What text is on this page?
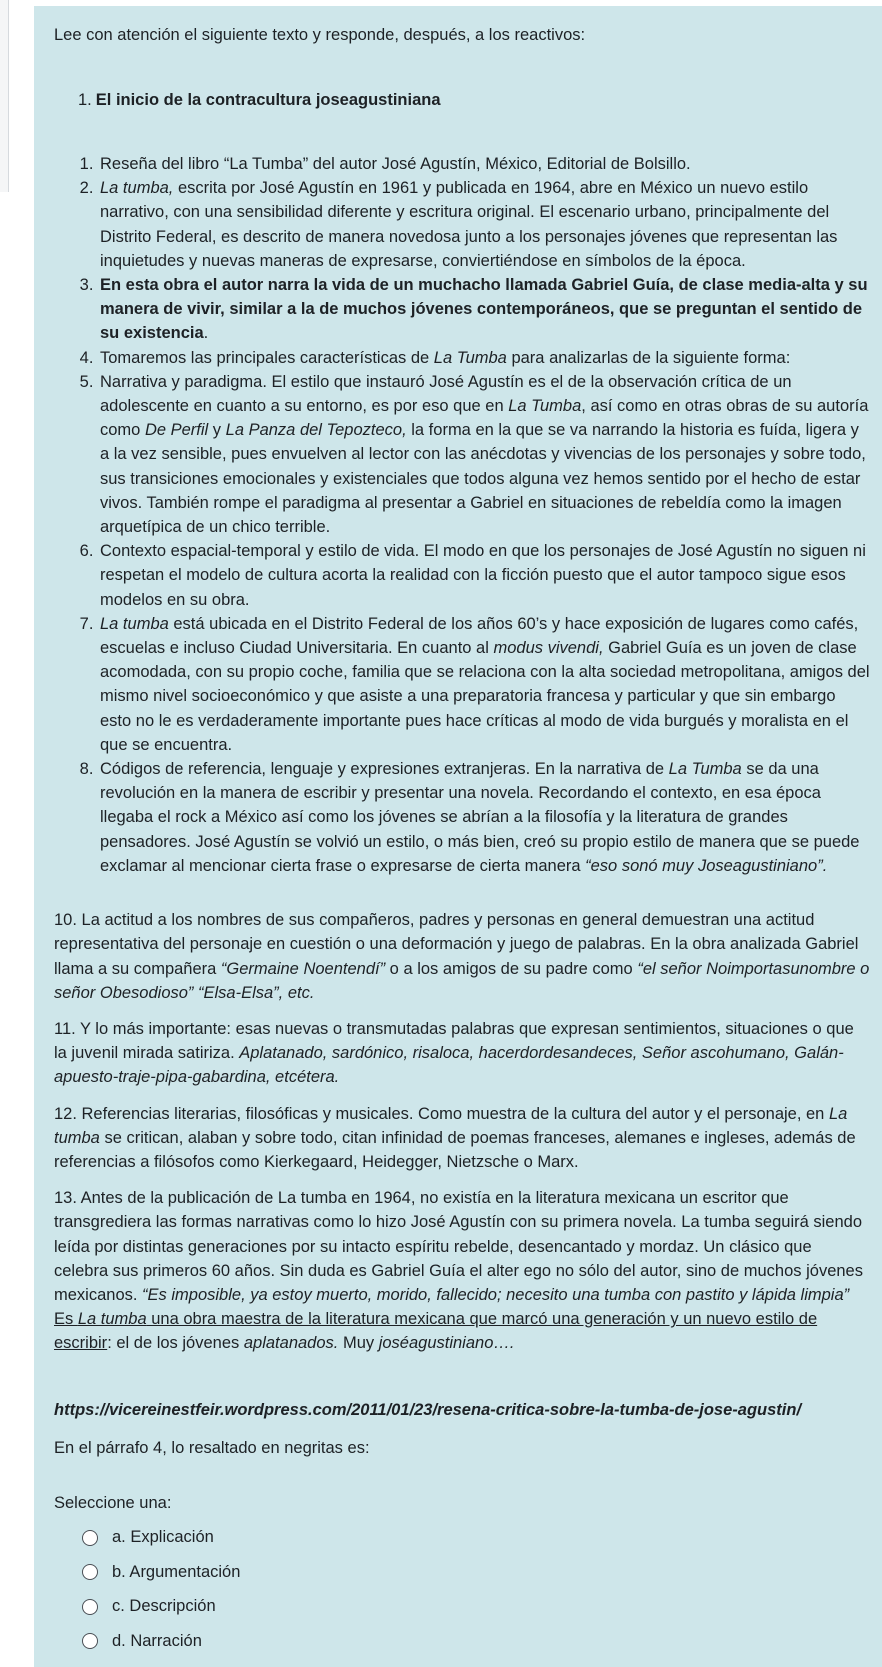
Lee con atención el siguiente texto y responde, después, a los reactivos:

1. El inicio de la contracultura joseagustiniana

1. Reseña del libro “La Tumba” del autor José Agustín, México, Editorial de Bolsillo.
2. La tumba, escrita por José Agustín en 1961 y publicada en 1964, abre en México un nuevo estilo narrativo, con una sensibilidad diferente y escritura original. El escenario urbano, principalmente del Distrito Federal, es descrito de manera novedosa junto a los personajes jóvenes que representan las inquietudes y nuevas maneras de expresarse, conviertiéndose en símbolos de la época.
3. En esta obra el autor narra la vida de un muchacho llamada Gabriel Guía, de clase media-alta y su manera de vivir, similar a la de muchos jóvenes contemporáneos, que se preguntan el sentido de su existencia.
4. Tomaremos las principales características de La Tumba para analizarlas de la siguiente forma:
5. Narrativa y paradigma. El estilo que instauró José Agustín es el de la observación crítica de un adolescente en cuanto a su entorno, es por eso que en La Tumba, así como en otras obras de su autoría como De Perfil y La Panza del Tepozteco, la forma en la que se va narrando la historia es fuída, ligera y a la vez sensible, pues envuelven al lector con las anécdotas y vivencias de los personajes y sobre todo, sus transiciones emocionales y existenciales que todos alguna vez hemos sentido por el hecho de estar vivos. También rompe el paradigma al presentar a Gabriel en situaciones de rebeldía como la imagen arquetípica de un chico terrible.
6. Contexto espacial-temporal y estilo de vida. El modo en que los personajes de José Agustín no siguen ni respetan el modelo de cultura acorta la realidad con la ficción puesto que el autor tampoco sigue esos modelos en su obra.
7. La tumba está ubicada en el Distrito Federal de los años 60’s y hace exposición de lugares como cafés, escuelas e incluso Ciudad Universitaria. En cuanto al modus vivendi, Gabriel Guía es un joven de clase acomodada, con su propio coche, familia que se relaciona con la alta sociedad metropolitana, amigos del mismo nivel socioeconómico y que asiste a una preparatoria francesa y particular y que sin embargo esto no le es verdaderamente importante pues hace críticas al modo de vida burgués y moralista en el que se encuentra.
8. Códigos de referencia, lenguaje y expresiones extranjeras. En la narrativa de La Tumba se da una revolución en la manera de escribir y presentar una novela. Recordando el contexto, en esa época llegaba el rock a México así como los jóvenes se abrían a la filosofía y la literatura de grandes pensadores. José Agustín se volvió un estilo, o más bien, creó su propio estilo de manera que se puede exclamar al mencionar cierta frase o expresarse de cierta manera “eso sonó muy Joseagustiniano”.

10. La actitud a los nombres de sus compañeros, padres y personas en general demuestran una actitud representativa del personaje en cuestión o una deformación y juego de palabras. En la obra analizada Gabriel llama a su compañera “Germaine Noentendí” o a los amigos de su padre como “el señor Noimportasunombre o señor Obesodioso” “Elsa-Elsa”, etc.

11. Y lo más importante: esas nuevas o transmutadas palabras que expresan sentimientos, situaciones o que la juvenil mirada satiriza. Aplatanado, sardónico, risaloca, hacerdordesandeces, Señor ascohumano, Galán-apuesto-traje-pipa-gabardina, etcétera.

12. Referencias literarias, filosóficas y musicales. Como muestra de la cultura del autor y el personaje, en La tumba se critican, alaban y sobre todo, citan infinidad de poemas franceses, alemanes e ingleses, además de referencias a filósofos como Kierkegaard, Heidegger, Nietzsche o Marx.

13. Antes de la publicación de La tumba en 1964, no existía en la literatura mexicana un escritor que transgrediera las formas narrativas como lo hizo José Agustín con su primera novela. La tumba seguirá siendo leída por distintas generaciones por su intacto espíritu rebelde, desencantado y mordaz. Un clásico que celebra sus primeros 60 años. Sin duda es Gabriel Guía el alter ego no sólo del autor, sino de muchos jóvenes mexicanos. “Es imposible, ya estoy muerto, morido, fallecido; necesito una tumba con pastito y lápida limpia” Es La tumba una obra maestra de la literatura mexicana que marcó una generación y un nuevo estilo de escribir: el de los jóvenes aplatanados. Muy joséagustiniano….

https://vicereinestfeir.wordpress.com/2011/01/23/resena-critica-sobre-la-tumba-de-jose-agustin/

En el párrafo 4, lo resaltado en negritas es:

Seleccione una:

a. Explicación
b. Argumentación
c. Descripción
d. Narración
